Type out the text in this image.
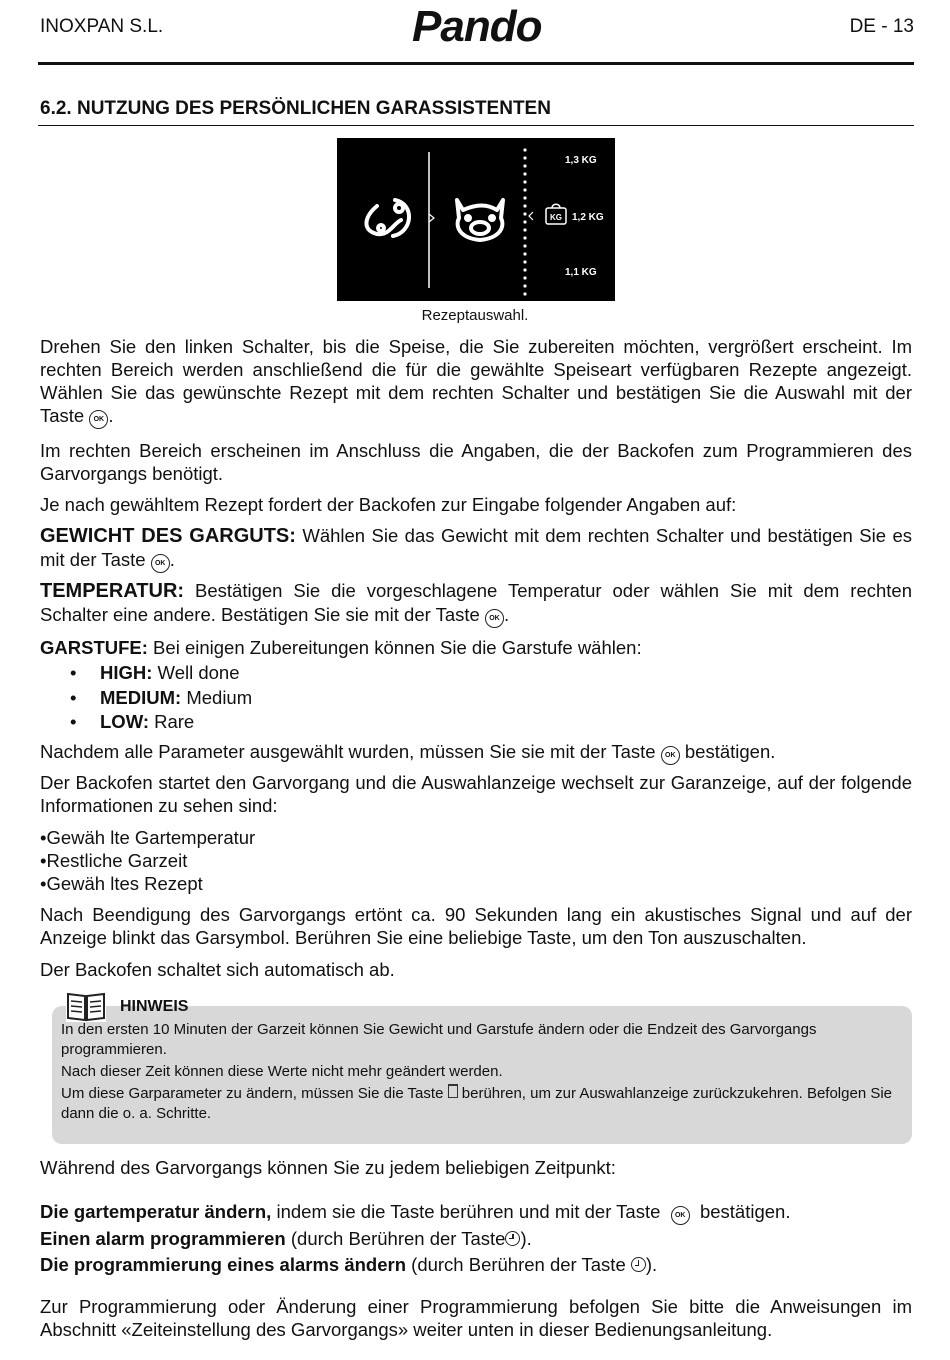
INOXPAN S.L.	Pando	DE - 13
6.2. NUTZUNG DES PERSÖNLICHEN GARASSISTENTEN
KG
1,3 KG
1,2 KG
1,1 KG
Rezeptauswahl.

Drehen Sie den linken Schalter, bis die Speise, die Sie zubereiten möchten, vergrößert erscheint. Im rechten Bereich werden anschließend die für die gewählte Speiseart verfügbaren Rezepte angezeigt. Wählen Sie das gewünschte Rezept mit dem rechten Schalter und bestätigen Sie die Auswahl mit der Taste OK .

Im rechten Bereich erscheinen im Anschluss die Angaben, die der Backofen zum Programmieren des Garvorgangs benötigt.
Je nach gewähltem Rezept fordert der Backofen zur Eingabe folgender Angaben auf:

GEWICHT DES GARGUTS: Wählen Sie das Gewicht mit dem rechten Schalter und bestätigen Sie es mit der Taste OK .

TEMPERATUR: Bestätigen Sie die vorgeschlagene Temperatur oder wählen Sie mit dem rechten Schalter eine andere. Bestätigen Sie sie mit der Taste OK .

GARSTUFE: Bei einigen Zubereitungen können Sie die Garstufe wählen:

• HIGH: Well done
• MEDIUM: Medium
• LOW: Rare

Nachdem alle Parameter ausgewählt wurden, müssen Sie sie mit der Taste OK bestätigen.

Der Backofen startet den Garvorgang und die Auswahlanzeige wechselt zur Garanzeige, auf der folgende Informationen zu sehen sind:

•Gewäh lte Gartemperatur

•Restliche Garzeit

•Gewäh ltes Rezept

Nach Beendigung des Garvorgangs ertönt ca. 90 Sekunden lang ein akustisches Signal und auf der Anzeige blinkt das Garsymbol. Berühren Sie eine beliebige Taste, um den Ton auszuschalten.
Der Backofen schaltet sich automatisch ab.
HINWEIS

In den ersten 10 Minuten der Garzeit können Sie Gewicht und Garstufe ändern oder die Endzeit des Garvorgangs programmieren.

Nach dieser Zeit können diese Werte nicht mehr geändert werden.

Um diese Garparameter zu ändern, müssen Sie die Taste  berühren, um zur Auswahlanzeige zurückzukehren. Befolgen Sie dann die o. a. Schritte.

Während des Garvorgangs können Sie zu jedem beliebigen Zeitpunkt:

Die gartemperatur ändern, indem sie die Taste berühren und mit der Taste OK  bestätigen.

Einen alarm programmieren (durch Berühren der Taste ).

Die programmierung eines alarms ändern (durch Berühren der Taste ).

Zur Programmierung oder Änderung einer Programmierung befolgen Sie bitte die Anweisungen im Abschnitt «Zeiteinstellung des Garvorgangs» weiter unten in dieser Bedienungsanleitung.
